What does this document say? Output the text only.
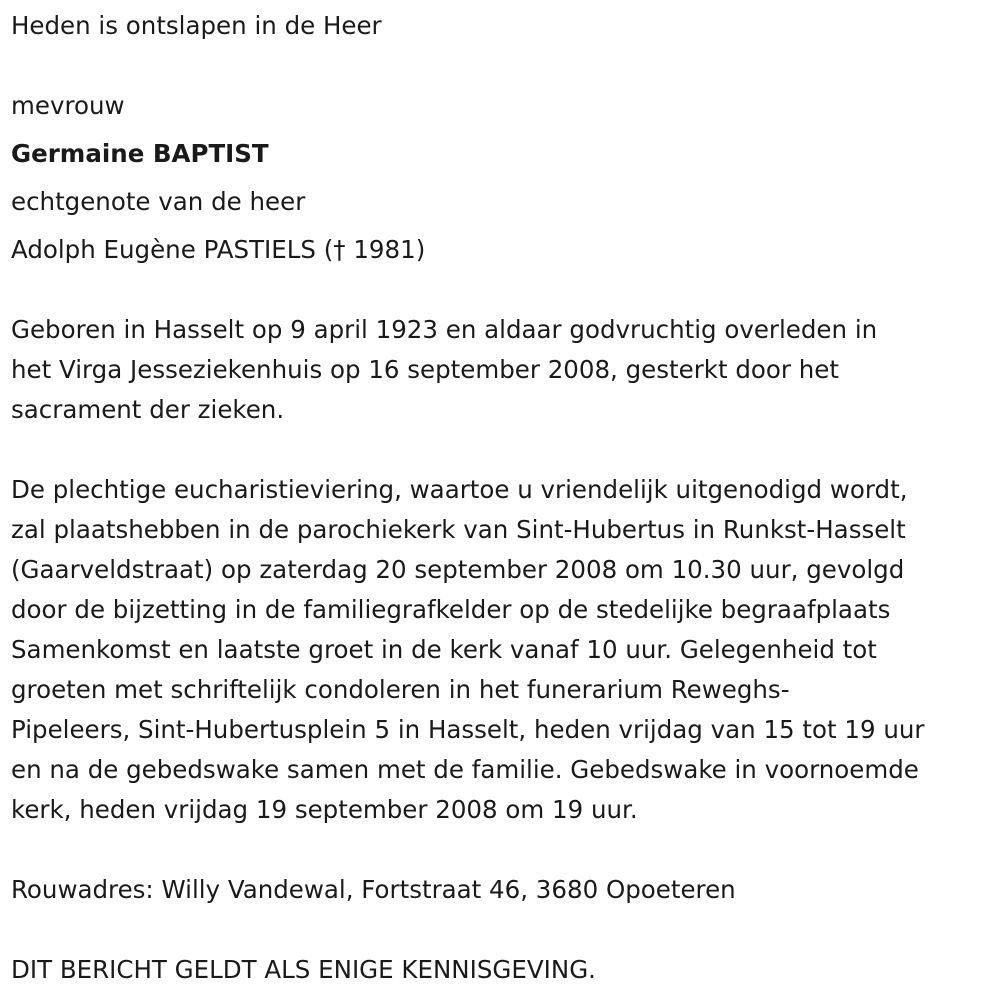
Heden is ontslapen in de Heer
mevrouw
Germaine BAPTIST
echtgenote van de heer
Adolph Eugène PASTIELS († 1981)
Geboren in Hasselt op 9 april 1923 en aldaar godvruchtig overleden in
het Virga Jesseziekenhuis op 16 september 2008, gesterkt door het
sacrament der zieken.
De plechtige eucharistieviering, waartoe u vriendelijk uitgenodigd wordt,
zal plaatshebben in de parochiekerk van Sint-Hubertus in Runkst-Hasselt
(Gaarveldstraat) op zaterdag 20 september 2008 om 10.30 uur, gevolgd
door de bijzetting in de familiegrafkelder op de stedelijke begraafplaats
Samenkomst en laatste groet in de kerk vanaf 10 uur. Gelegenheid tot
groeten met schriftelijk condoleren in het funerarium Reweghs-
Pipeleers, Sint-Hubertusplein 5 in Hasselt, heden vrijdag van 15 tot 19 uur
en na de gebedswake samen met de familie. Gebedswake in voornoemde
kerk, heden vrijdag 19 september 2008 om 19 uur.
Rouwadres: Willy Vandewal, Fortstraat 46, 3680 Opoeteren
DIT BERICHT GELDT ALS ENIGE KENNISGEVING.
